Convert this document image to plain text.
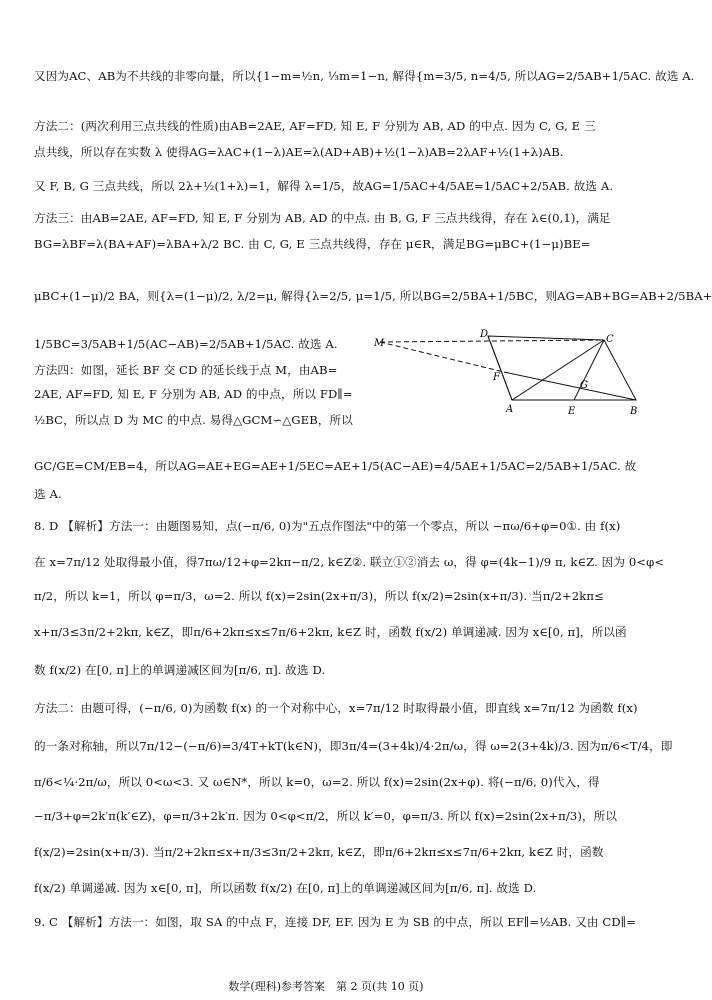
又因为AC、AB为不共线的非零向量，所以{1−m=½n, ⅓m=1−n, 解得{m=3/5, n=4/5, 所以AG=2/5AB+1/5AC. 故选 A.
方法二：(两次利用三点共线的性质)由AB=2AE, AF=FD, 知 E, F 分别为 AB, AD 的中点. 因为 C, G, E 三
点共线，所以存在实数 λ 使得AG=λAC+(1−λ)AE=λ(AD+AB)+½(1−λ)AB=2λAF+½(1+λ)AB.
又 F, B, G 三点共线，所以 2λ+½(1+λ)=1，解得 λ=1/5，故AG=1/5AC+4/5AE=1/5AC+2/5AB. 故选 A.
方法三：由AB=2AE, AF=FD, 知 E, F 分别为 AB, AD 的中点. 由 B, G, F 三点共线得，存在 λ∈(0,1)，满足
BG=λBF=λ(BA+AF)=λBA+λ/2 BC. 由 C, G, E 三点共线得，存在 μ∈R，满足BG=μBC+(1−μ)BE=
μBC+(1−μ)/2 BA，则{λ=(1−μ)/2, λ/2=μ, 解得{λ=2/5, μ=1/5, 所以BG=2/5BA+1/5BC，则AG=AB+BG=AB+2/5BA+
1/5BC=3/5AB+1/5(AC−AB)=2/5AB+1/5AC. 故选 A.
方法四：如图，延长 BF 交 CD 的延长线于点 M，由AB=
2AE, AF=FD, 知 E, F 分别为 AB, AD 的中点，所以 FD∥=
½BC，所以点 D 为 MC 的中点. 易得△GCM∽△GEB，所以
GC/GE=CM/EB=4，所以AG=AE+EG=AE+1/5EC=AE+1/5(AC−AE)=4/5AE+1/5AC=2/5AB+1/5AC. 故
选 A.
8. D 【解析】方法一：由题图易知，点(−π/6, 0)为"五点作图法"中的第一个零点，所以 −πω/6+φ=0①. 由 f(x)
在 x=7π/12 处取得最小值，得7πω/12+φ=2kπ−π/2, k∈Z②. 联立①②消去 ω，得 φ=(4k−1)/9 π, k∈Z. 因为 0<φ<
π/2，所以 k=1，所以 φ=π/3，ω=2. 所以 f(x)=2sin(2x+π/3)，所以 f(x/2)=2sin(x+π/3). 当π/2+2kπ≤
x+π/3≤3π/2+2kπ, k∈Z，即π/6+2kπ≤x≤7π/6+2kπ, k∈Z 时，函数 f(x/2) 单调递减. 因为 x∈[0, π]，所以函
数 f(x/2) 在[0, π]上的单调递减区间为[π/6, π]. 故选 D.
方法二：由题可得，(−π/6, 0)为函数 f(x) 的一个对称中心，x=7π/12 时取得最小值，即直线 x=7π/12 为函数 f(x)
的一条对称轴，所以7π/12−(−π/6)=3/4T+kT(k∈N)，即3π/4=(3+4k)/4·2π/ω，得 ω=2(3+4k)/3. 因为π/6<T/4，即
π/6<¼·2π/ω，所以 0<ω<3. 又 ω∈N*，所以 k=0，ω=2. 所以 f(x)=2sin(2x+φ). 将(−π/6, 0)代入，得
−π/3+φ=2k′π(k′∈Z)，φ=π/3+2k′π. 因为 0<φ<π/2，所以 k′=0，φ=π/3. 所以 f(x)=2sin(2x+π/3)，所以
f(x/2)=2sin(x+π/3). 当π/2+2kπ≤x+π/3≤3π/2+2kπ, k∈Z，即π/6+2kπ≤x≤7π/6+2kπ, k∈Z 时，函数
f(x/2) 单调递减. 因为 x∈[0, π]，所以函数 f(x/2) 在[0, π]上的单调递减区间为[π/6, π]. 故选 D.
9. C 【解析】方法一：如图，取 SA 的中点 F，连接 DF, EF. 因为 E 为 SB 的中点，所以 EF∥=½AB. 又由 CD∥=
M
D	C
F
G
A	E	B
数学(理科)参考答案　第 2 页(共 10 页)
